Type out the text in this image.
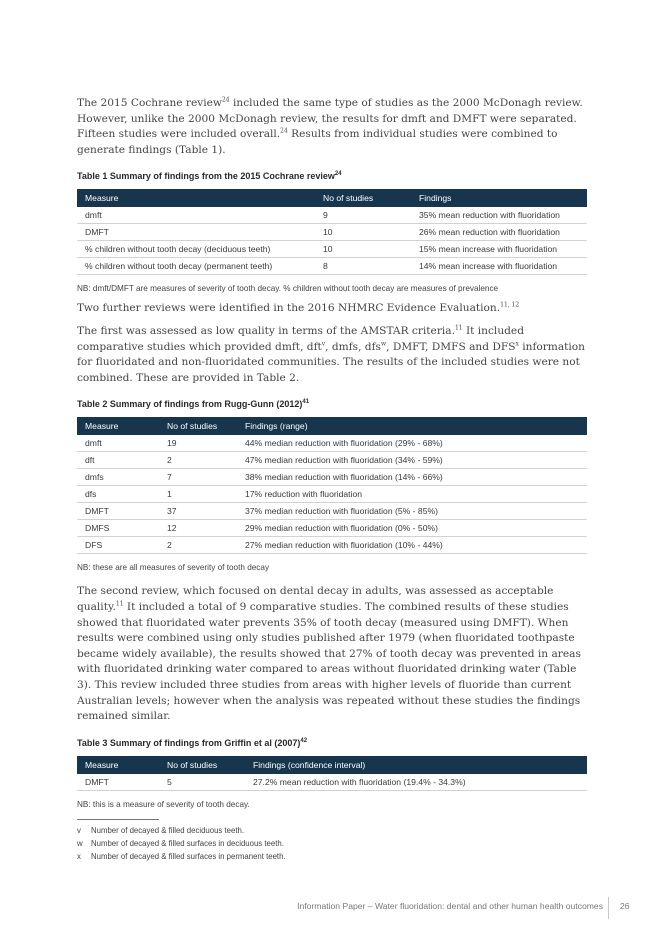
The 2015 Cochrane review$^{24}$ included the same type of studies as the 2000 McDonagh review. However, unlike the 2000 McDonagh review, the results for dmft and DMFT were separated. Fifteen studies were included overall.$^{24}$ Results from individual studies were combined to generate findings (Table 1).

Table 1 Summary of findings from the 2015 Cochrane review$^{24}$

Measure	No of studies	Findings
dmft	9	35% mean reduction with fluoridation
DMFT	10	26% mean reduction with fluoridation
% children without tooth decay (deciduous teeth)	10	15% mean increase with fluoridation
% children without tooth decay (permanent teeth)	8	14% mean increase with fluoridation

NB: dmft/DMFT are measures of severity of tooth decay. % children without tooth decay are measures of prevalence

Two further reviews were identified in the 2016 NHMRC Evidence Evaluation.$^{11, 12}$

The first was assessed as low quality in terms of the AMSTAR criteria.$^{11}$ It included comparative studies which provided dmft, dft$^v$, dmfs, dfs$^w$, DMFT, DMFS and DFS$^x$ information for fluoridated and non-fluoridated communities. The results of the included studies were not combined. These are provided in Table 2.

Table 2 Summary of findings from Rugg-Gunn $(2012)^{41}$

Measure	No of studies	Findings (range)
dmft	19	44% median reduction with fluoridation (29% - 68%)
dft	2	47% median reduction with fluoridation (34% - 59%)
dmfs	7	38% median reduction with fluoridation (14% - 66%)
dfs	1	17% reduction with fluoridation
DMFT	37	37% median reduction with fluoridation (5% - 85%)
DMFS	12	29% median reduction with fluoridation (0% - 50%)
DFS	2	27% median reduction with fluoridation (10% - 44%)

NB: these are all measures of severity of tooth decay

The second review, which focused on dental decay in adults, was assessed as acceptable quality.$^{11}$ It included a total of 9 comparative studies. The combined results of these studies showed that fluoridated water prevents 35% of tooth decay (measured using DMFT). When results were combined using only studies published after 1979 (when fluoridated toothpaste became widely available), the results showed that 27% of tooth decay was prevented in areas with fluoridated drinking water compared to areas without fluoridated drinking water (Table 3). This review included three studies from areas with higher levels of fluoride than current Australian levels; however when the analysis was repeated without these studies the findings remained similar.

Table 3 Summary of findings from Griffin et al $(2007)^{42}$

Measure	No of studies	Findings (confidence interval)
DMFT	5	27.2% mean reduction with fluoridation (19.4% - 34.3%)

NB: this is a measure of severity of tooth decay.

v Number of decayed & filled deciduous teeth.

w Number of decayed & filled surfaces in deciduous teeth.

x Number of decayed & filled surfaces in permanent teeth.

Information Paper – Water fluoridation: dental and other human health outcomes 26
